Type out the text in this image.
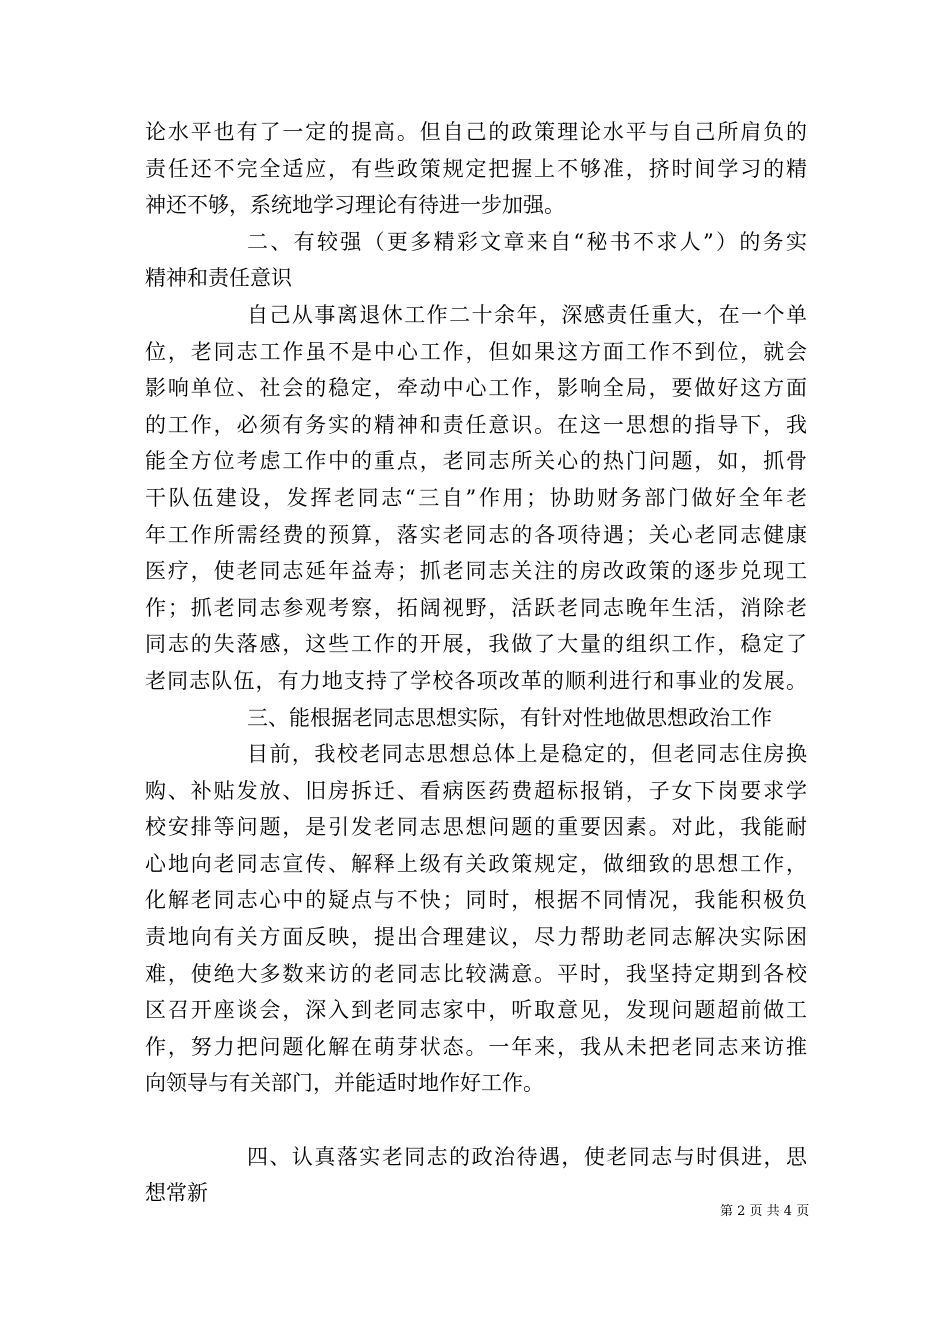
论水平也有了一定的提高。但自己的政策理论水平与自己所肩负的
责任还不完全适应，有些政策规定把握上不够准，挤时间学习的精
神还不够，系统地学习理论有待进一步加强。
二、有较强（更多精彩文章来自“秘书不求人”）的务实
精神和责任意识
自己从事离退休工作二十余年，深感责任重大，在一个单
位，老同志工作虽不是中心工作，但如果这方面工作不到位，就会
影响单位、社会的稳定，牵动中心工作，影响全局，要做好这方面
的工作，必须有务实的精神和责任意识。在这一思想的指导下，我
能全方位考虑工作中的重点，老同志所关心的热门问题，如，抓骨
干队伍建设，发挥老同志“三自”作用；协助财务部门做好全年老
年工作所需经费的预算，落实老同志的各项待遇；关心老同志健康
医疗，使老同志延年益寿；抓老同志关注的房改政策的逐步兑现工
作；抓老同志参观考察，拓阔视野，活跃老同志晚年生活，消除老
同志的失落感，这些工作的开展，我做了大量的组织工作，稳定了
老同志队伍，有力地支持了学校各项改革的顺利进行和事业的发展。
三、能根据老同志思想实际，有针对性地做思想政治工作
目前，我校老同志思想总体上是稳定的，但老同志住房换
购、补贴发放、旧房拆迁、看病医药费超标报销，子女下岗要求学
校安排等问题，是引发老同志思想问题的重要因素。对此，我能耐
心地向老同志宣传、解释上级有关政策规定，做细致的思想工作，
化解老同志心中的疑点与不快；同时，根据不同情况，我能积极负
责地向有关方面反映，提出合理建议，尽力帮助老同志解决实际困
难，使绝大多数来访的老同志比较满意。平时，我坚持定期到各校
区召开座谈会，深入到老同志家中，听取意见，发现问题超前做工
作，努力把问题化解在萌芽状态。一年来，我从未把老同志来访推
向领导与有关部门，并能适时地作好工作。
四、认真落实老同志的政治待遇，使老同志与时俱进，思
想常新
第 2 页 共 4 页
